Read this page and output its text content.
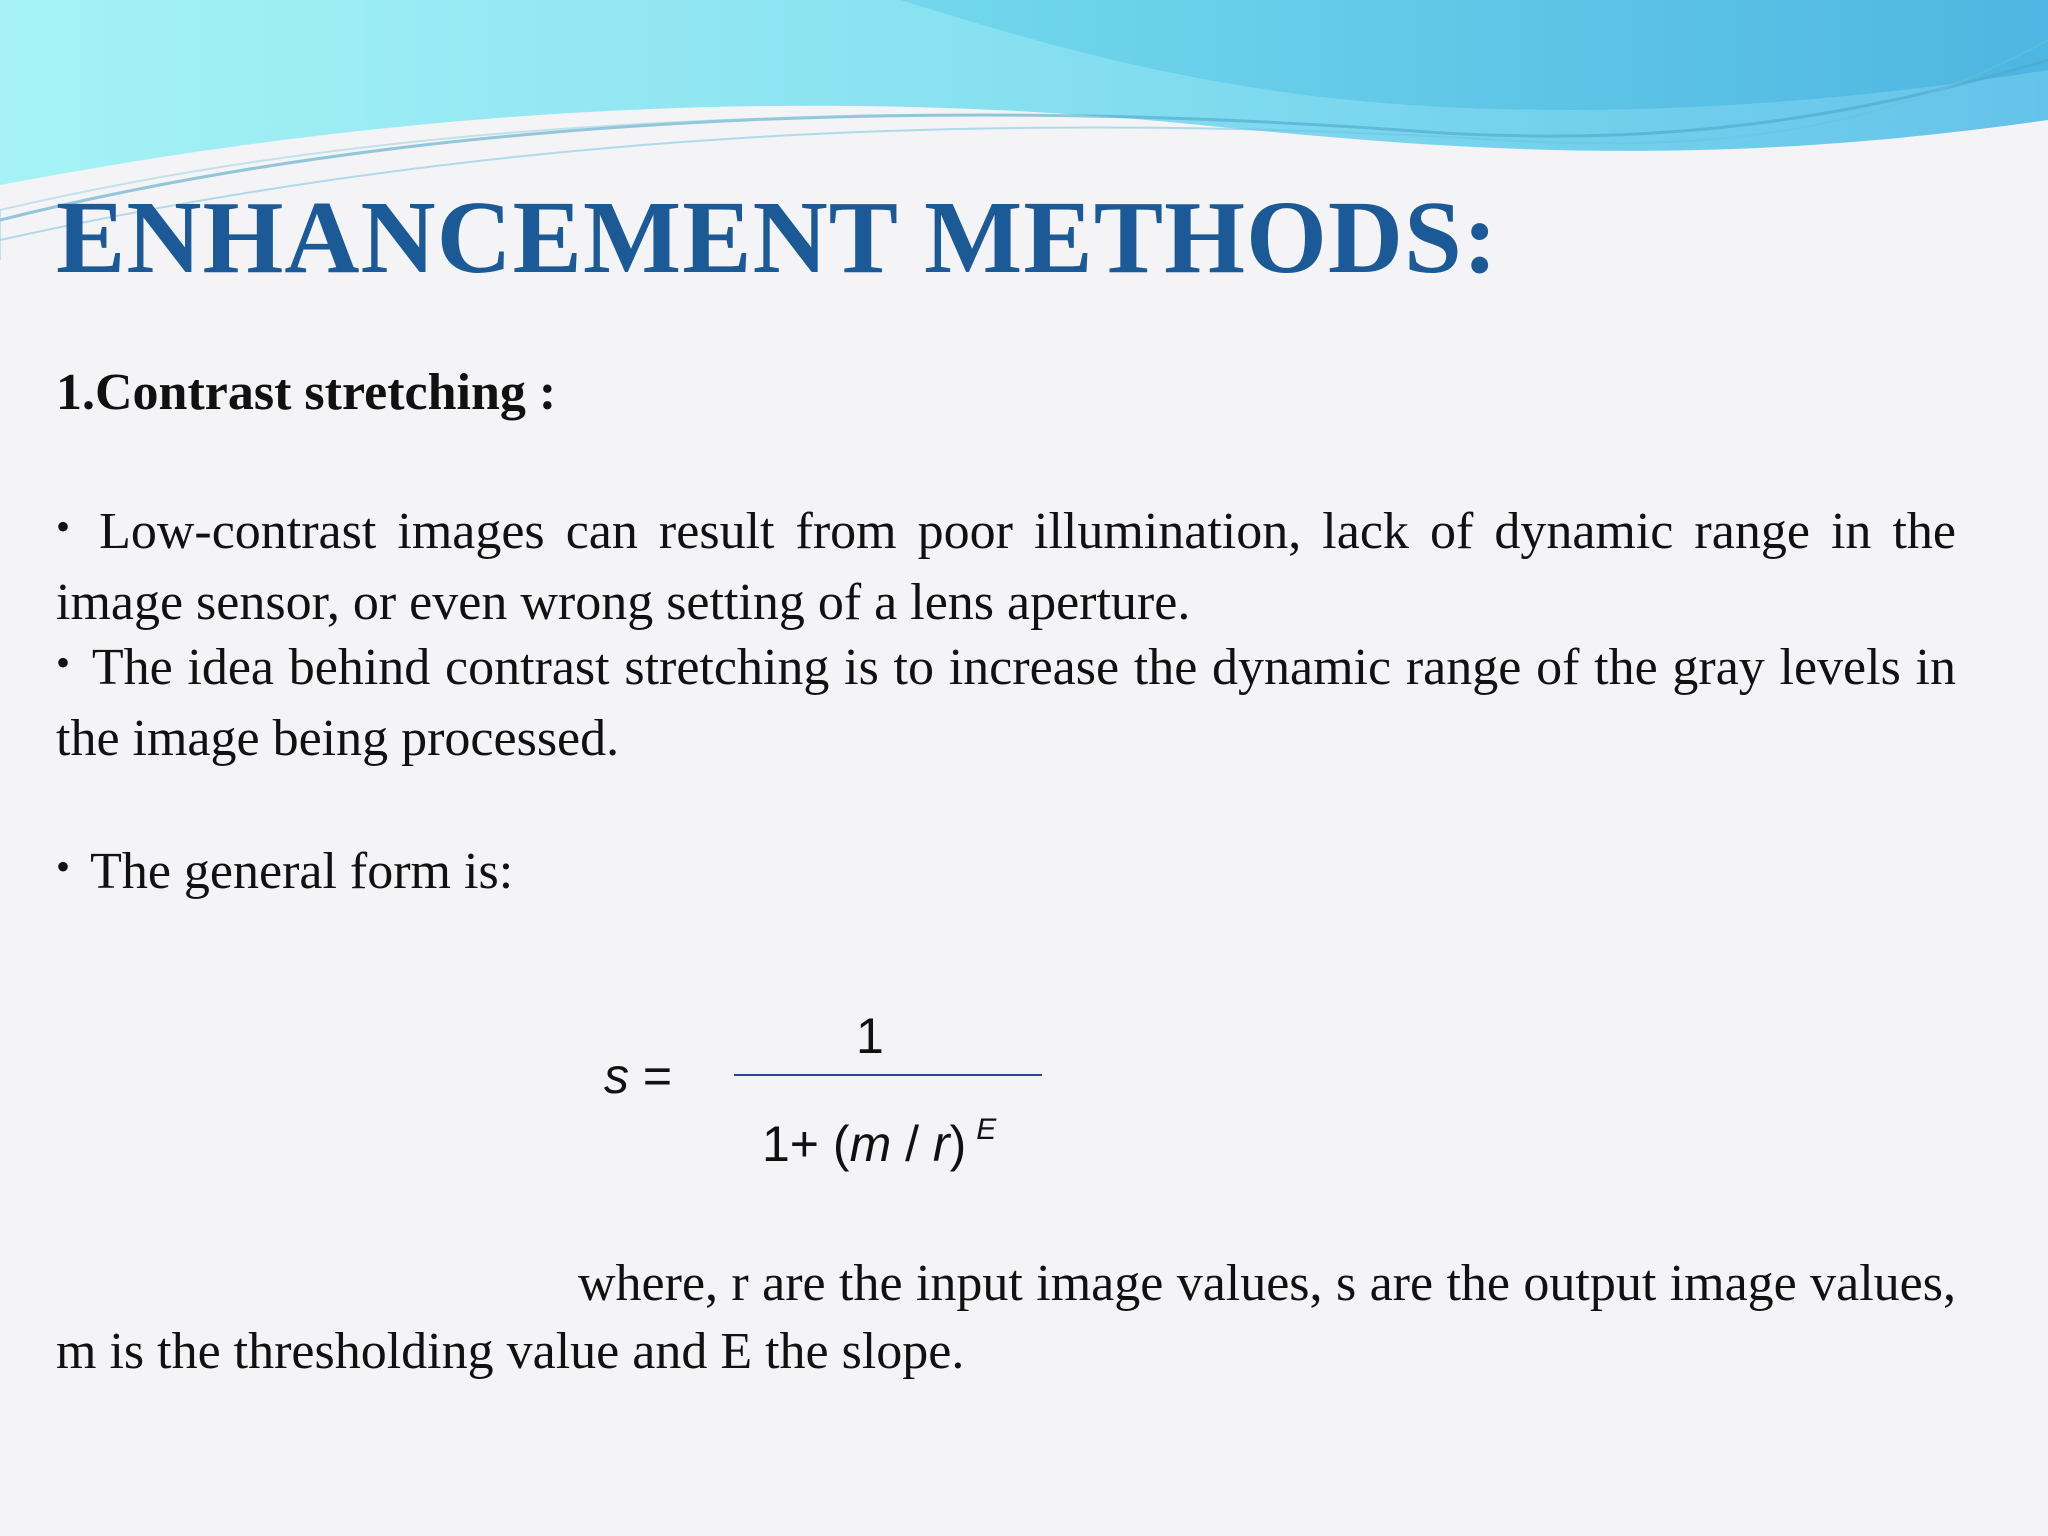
ENHANCEMENT METHODS:
1.Contrast stretching :
• Low-contrast images can result from poor illumination, lack of dynamic range in the image sensor, or even wrong setting of a lens aperture.
• The idea behind contrast stretching is to increase the dynamic range of the gray levels in the image being processed.
• The general form is:
s =
1
1+ (m / r) $^E$
where, r are the input image values, s are the output image values, m is the thresholding value and E the slope.
